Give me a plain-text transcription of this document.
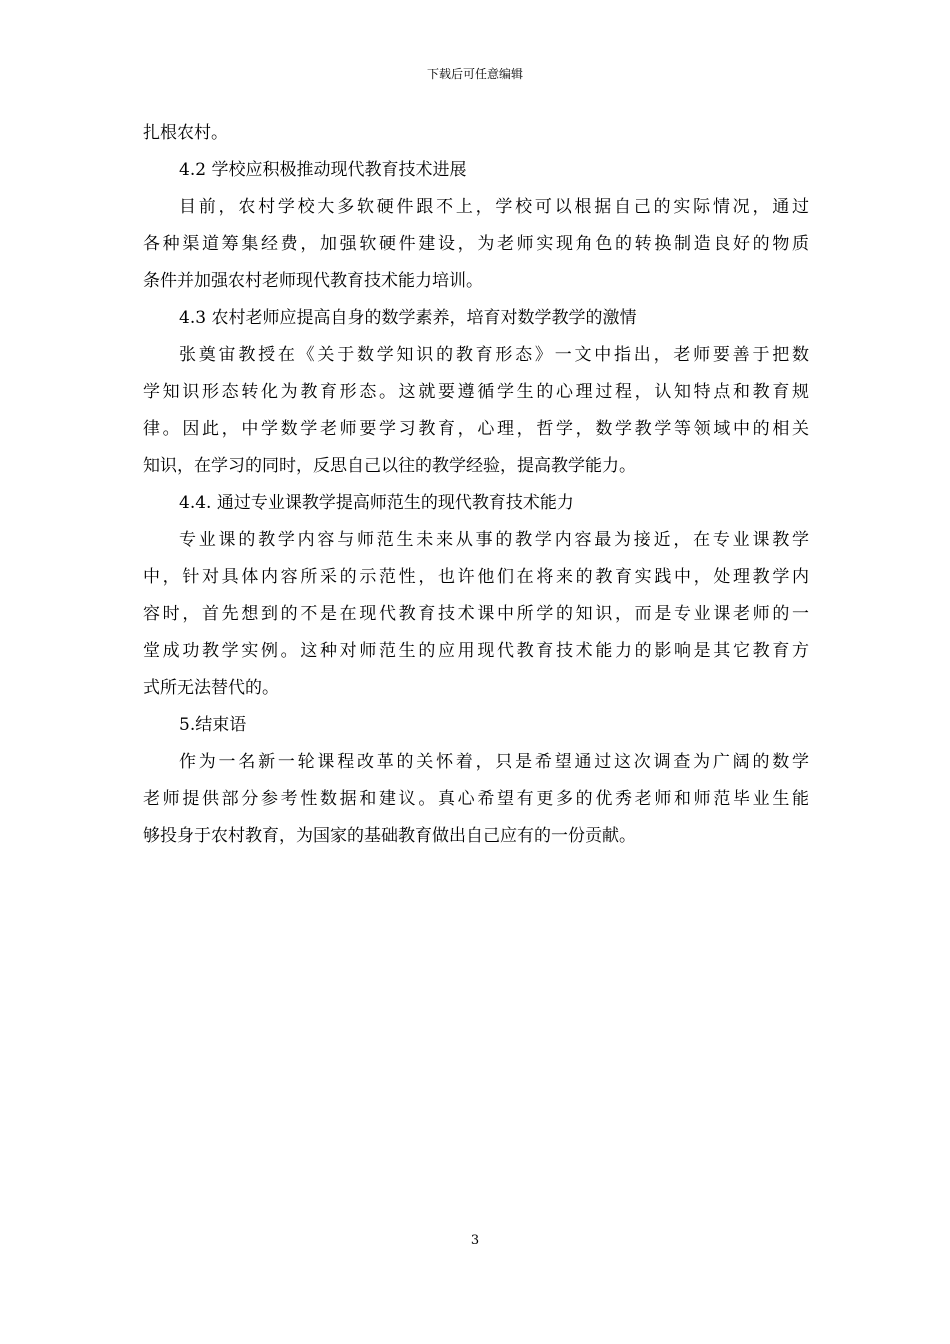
下载后可任意编辑
扎根农村。
4.2 学校应积极推动现代教育技术进展
目前，农村学校大多软硬件跟不上，学校可以根据自己的实际情况，通过
各种渠道筹集经费，加强软硬件建设，为老师实现角色的转换制造良好的物质
条件并加强农村老师现代教育技术能力培训。
4.3 农村老师应提高自身的数学素养，培育对数学教学的激情
张奠宙教授在《关于数学知识的教育形态》一文中指出，老师要善于把数
学知识形态转化为教育形态。这就要遵循学生的心理过程，认知特点和教育规
律。因此，中学数学老师要学习教育，心理，哲学，数学教学等领域中的相关
知识，在学习的同时，反思自己以往的教学经验，提高教学能力。
4.4. 通过专业课教学提高师范生的现代教育技术能力
专业课的教学内容与师范生未来从事的教学内容最为接近，在专业课教学
中，针对具体内容所采的示范性，也许他们在将来的教育实践中，处理教学内
容时，首先想到的不是在现代教育技术课中所学的知识，而是专业课老师的一
堂成功教学实例。这种对师范生的应用现代教育技术能力的影响是其它教育方
式所无法替代的。
5.结束语
作为一名新一轮课程改革的关怀着，只是希望通过这次调查为广阔的数学
老师提供部分参考性数据和建议。真心希望有更多的优秀老师和师范毕业生能
够投身于农村教育，为国家的基础教育做出自己应有的一份贡献。
3
